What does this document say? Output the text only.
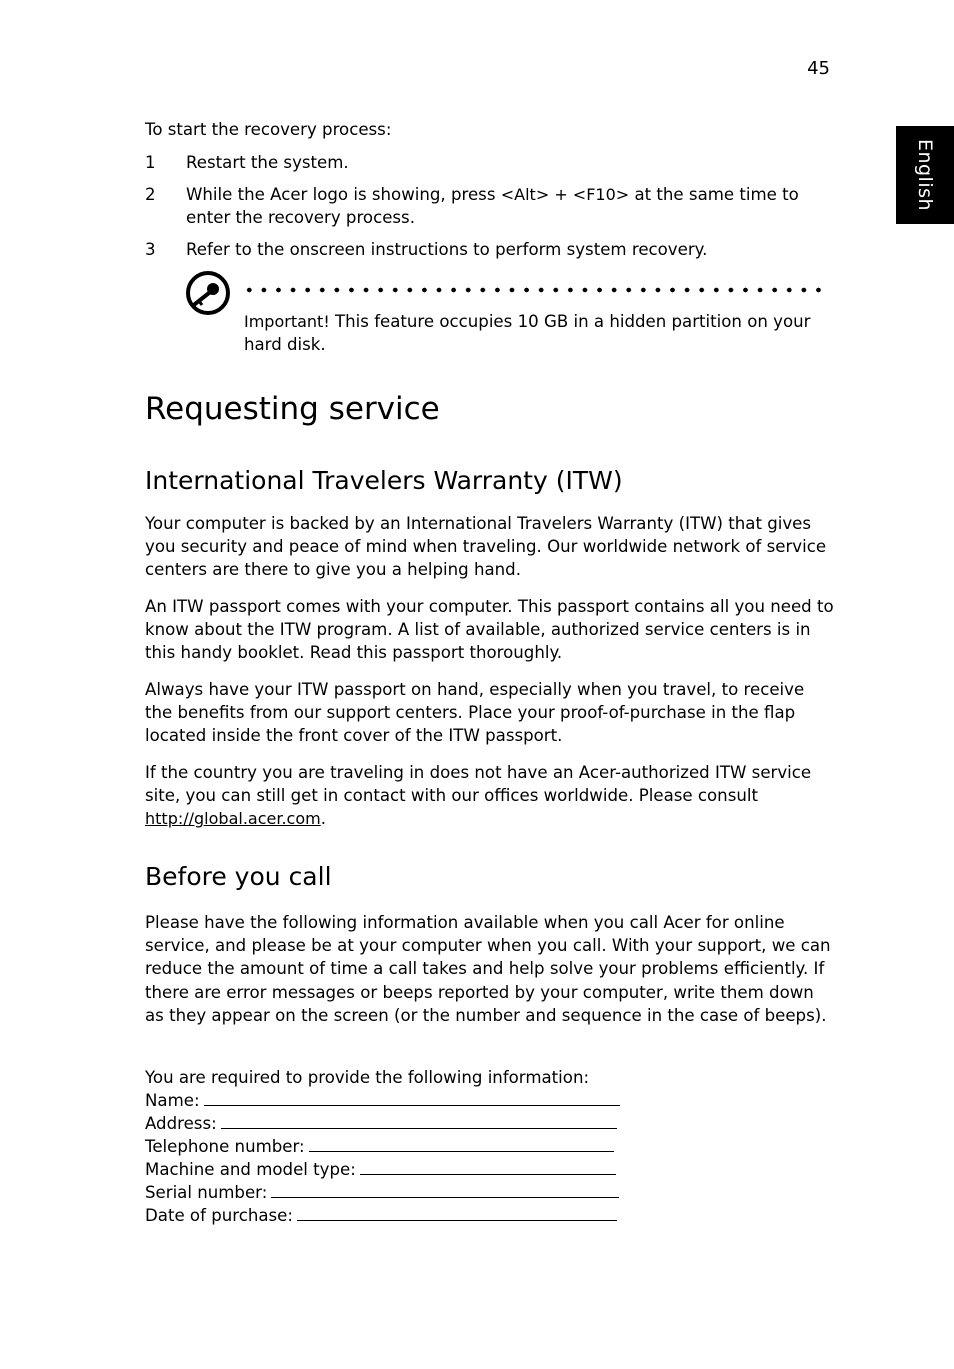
45
English

To start the recovery process:

1	Restart the system.
2	While the Acer logo is showing, press <Alt> + <F10> at the same time to enter the recovery process.
3	Refer to the onscreen instructions to perform system recovery.
Important! This feature occupies 10 GB in a hidden partition on your hard disk.
Requesting service
International Travelers Warranty (ITW)

Your computer is backed by an International Travelers Warranty (ITW) that gives you security and peace of mind when traveling. Our worldwide network of service centers are there to give you a helping hand.

An ITW passport comes with your computer. This passport contains all you need to know about the ITW program. A list of available, authorized service centers is in this handy booklet. Read this passport thoroughly.

Always have your ITW passport on hand, especially when you travel, to receive the benefits from our support centers. Place your proof-of-purchase in the flap located inside the front cover of the ITW passport.

If the country you are traveling in does not have an Acer-authorized ITW service site, you can still get in contact with our offices worldwide. Please consult http://global.acer.com.

Before you call

Please have the following information available when you call Acer for online service, and please be at your computer when you call. With your support, we can reduce the amount of time a call takes and help solve your problems efficiently. If there are error messages or beeps reported by your computer, write them down as they appear on the screen (or the number and sequence in the case of beeps).

You are required to provide the following information:
Name:
Address:
Telephone number:
Machine and model type:
Serial number:
Date of purchase:
